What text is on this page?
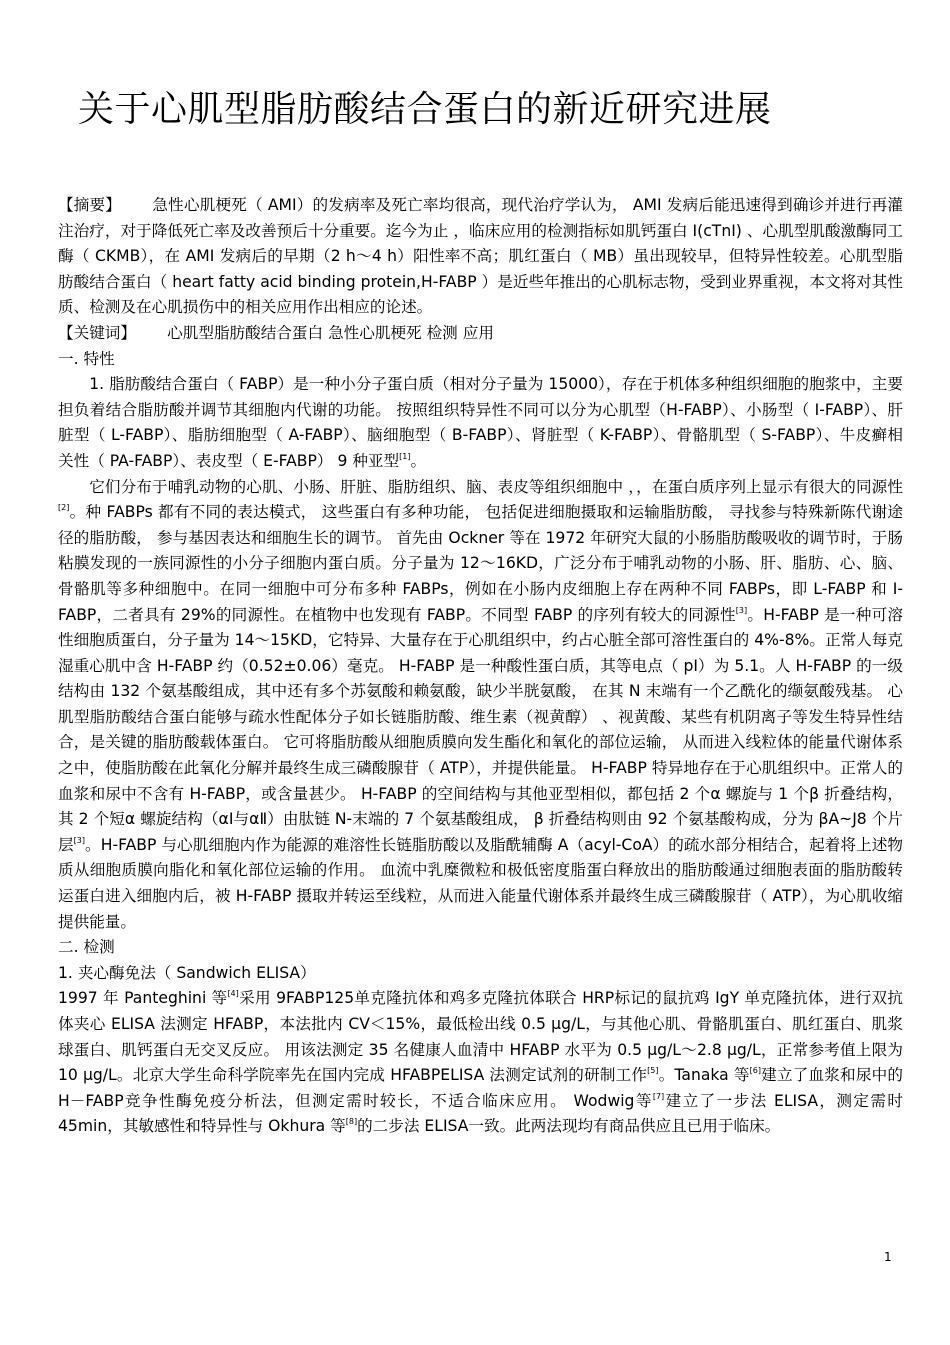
关于心肌型脂肪酸结合蛋白的新近研究进展

【摘要】   急性心肌梗死（ AMI）的发病率及死亡率均很高，现代治疗学认为， AMI 发病后能迅速得到确诊并进行再灌注治疗，对于降低死亡率及改善预后十分重要。迄今为止 ，临床应用的检测指标如肌钙蛋白 I(cTnI) 、心肌型肌酸激酶同工酶（ CKMB），在 AMI 发病后的早期（2 h～4 h）阳性率不高；肌红蛋白（ MB）虽出现较早，但特异性较差。心肌型脂肪酸结合蛋白（ heart fatty acid binding protein,H-FABP ）是近些年推出的心肌标志物，受到业界重视，本文将对其性质、检测及在心肌损伤中的相关应用作出相应的论述。

【关键词】   心肌型脂肪酸结合蛋白 急性心肌梗死 检测 应用

一. 特性

1. 脂肪酸结合蛋白（ FABP）是一种小分子蛋白质（相对分子量为 15000），存在于机体多种组织细胞的胞浆中，主要担负着结合脂肪酸并调节其细胞内代谢的功能。 按照组织特异性不同可以分为心肌型（H-FABP）、小肠型（ I-FABP）、肝脏型（ L-FABP）、脂肪细胞型（ A-FABP）、脑细胞型（ B-FABP）、肾脏型（ K-FABP）、骨骼肌型（ S-FABP）、牛皮癣相关性（ PA-FABP）、表皮型（ E-FABP） 9 种亚型[1]。

它们分布于哺乳动物的心肌、小肠、肝脏、脂肪组织、脑、表皮等组织细胞中 ，，在蛋白质序列上显示有很大的同源性[2]。种 FABPs 都有不同的表达模式， 这些蛋白有多种功能， 包括促进细胞摄取和运输脂肪酸， 寻找参与特殊新陈代谢途径的脂肪酸， 参与基因表达和细胞生长的调节。 首先由 Ockner 等在 1972 年研究大鼠的小肠脂肪酸吸收的调节时，于肠粘膜发现的一族同源性的小分子细胞内蛋白质。分子量为 12～16KD，广泛分布于哺乳动物的小肠、肝、脂肪、心、脑、骨骼肌等多种细胞中。在同一细胞中可分布多种 FABPs，例如在小肠内皮细胞上存在两种不同 FABPs，即 L-FABP 和 I-FABP，二者具有 29%的同源性。在植物中也发现有 FABP。不同型 FABP 的序列有较大的同源性[3]。H-FABP 是一种可溶性细胞质蛋白，分子量为 14～15KD，它特异、大量存在于心肌组织中，约占心脏全部可溶性蛋白的 4%-8%。正常人每克湿重心肌中含 H-FABP 约（0.52±0.06）毫克。 H-FABP 是一种酸性蛋白质，其等电点（ pI）为 5.1。人 H-FABP 的一级结构由 132 个氨基酸组成，其中还有多个苏氨酸和赖氨酸，缺少半胱氨酸， 在其 N 末端有一个乙酰化的缬氨酸残基。 心肌型脂肪酸结合蛋白能够与疏水性配体分子如长链脂肪酸、维生素（视黄醇） 、视黄酸、某些有机阴离子等发生特异性结合，是关键的脂肪酸载体蛋白。 它可将脂肪酸从细胞质膜向发生酯化和氧化的部位运输， 从而进入线粒体的能量代谢体系之中，使脂肪酸在此氧化分解并最终生成三磷酸腺苷（ ATP），并提供能量。 H-FABP 特异地存在于心肌组织中。正常人的血浆和尿中不含有 H-FABP，或含量甚少。 H-FABP 的空间结构与其他亚型相似，都包括 2 个α 螺旋与 1 个β 折叠结构，其 2 个短α 螺旋结构（αⅠ与αⅡ）由肽链 N-末端的 7 个氨基酸组成， β 折叠结构则由 92 个氨基酸构成，分为 βA~J8 个片层[3]。H-FABP 与心肌细胞内作为能源的难溶性长链脂肪酸以及脂酰辅酶 A（acyl-CoA）的疏水部分相结合，起着将上述物质从细胞质膜向脂化和氧化部位运输的作用。 血流中乳糜微粒和极低密度脂蛋白释放出的脂肪酸通过细胞表面的脂肪酸转运蛋白进入细胞内后，被 H-FABP 摄取并转运至线粒，从而进入能量代谢体系并最终生成三磷酸腺苷（ ATP），为心肌收缩提供能量。

二. 检测

1. 夹心酶免法（ Sandwich ELISA）

1997 年 Panteghini 等[4]采用 9FABP125单克隆抗体和鸡多克隆抗体联合 HRP标记的鼠抗鸡 IgY 单克隆抗体，进行双抗体夹心 ELISA 法测定 HFABP，本法批内 CV＜15%，最低检出线 0.5 μg/L，与其他心肌、骨骼肌蛋白、肌红蛋白、肌浆球蛋白、肌钙蛋白无交叉反应。 用该法测定 35 名健康人血清中 HFABP 水平为 0.5 μg/L～2.8 μg/L，正常参考值上限为 10 μg/L。北京大学生命科学院率先在国内完成 HFABPELISA 法测定试剂的研制工作[5]。Tanaka 等[6]建立了血浆和尿中的 H－FABP竞争性酶免疫分析法，但测定需时较长，不适合临床应用。 Wodwig等[7]建立了一步法 ELISA，测定需时 45min，其敏感性和特异性与 Okhura 等[8]的二步法 ELISA一致。此两法现均有商品供应且已用于临床。

1
